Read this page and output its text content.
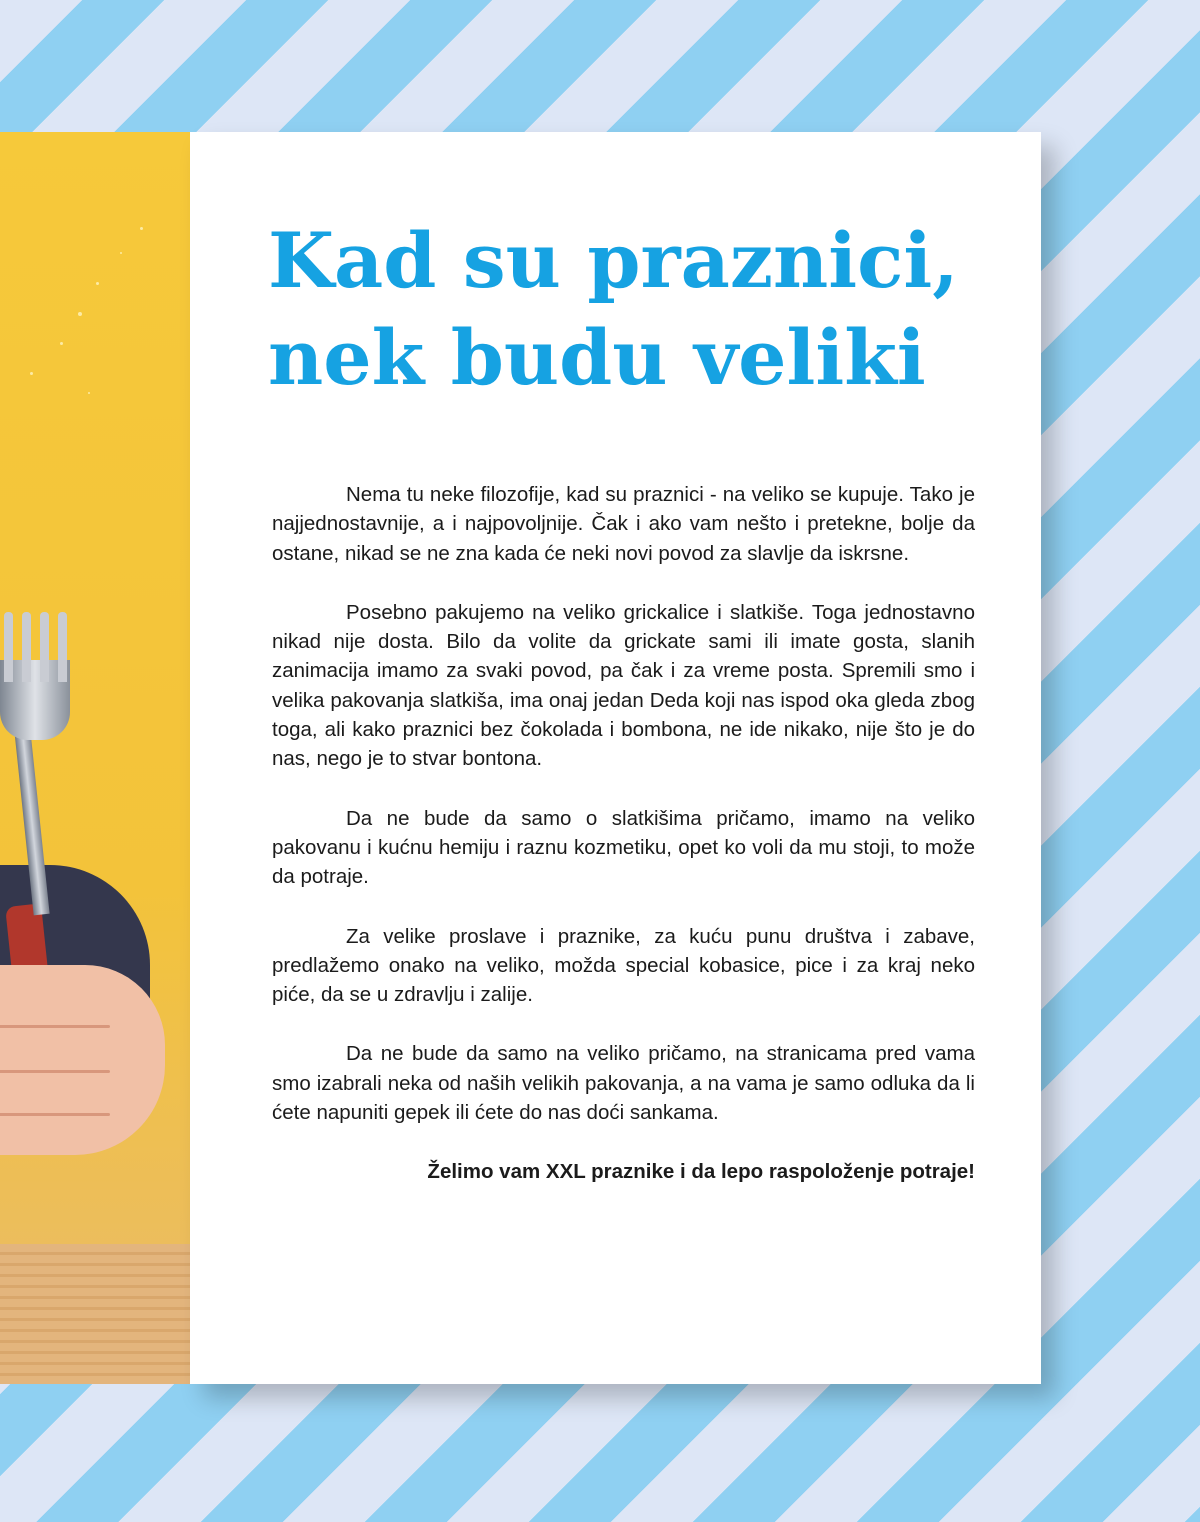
Kad su praznici,
nek budu veliki

Nema tu neke filozofije, kad su praznici - na veliko se kupuje. Tako je najjednostavnije, a i najpovoljnije. Čak i ako vam nešto i pretekne, bolje da ostane, nikad se ne zna kada će neki novi povod za slavlje da iskrsne.

Posebno pakujemo na veliko grickalice i slatkiše. Toga jednostavno nikad nije dosta. Bilo da volite da grickate sami ili imate gosta, slanih zanimacija imamo za svaki povod, pa čak i za vreme posta. Spremili smo i velika pakovanja slatkiša, ima onaj jedan Deda koji nas ispod oka gleda zbog toga, ali kako praznici bez čokolada i bombona, ne ide nikako, nije što je do nas, nego je to stvar bontona.

Da ne bude da samo o slatkišima pričamo, imamo na veliko pakovanu i kućnu hemiju i raznu kozmetiku, opet ko voli da mu stoji, to može da potraje.

Za velike proslave i praznike, za kuću punu društva i zabave, predlažemo onako na veliko, možda special kobasice, pice i za kraj neko piće, da se u zdravlju i zalije.

Da ne bude da samo na veliko pričamo, na stranicama pred vama smo izabrali neka od naših velikih pakovanja, a na vama je samo odluka da li ćete napuniti gepek ili ćete do nas doći sankama.

Želimo vam XXL praznike i da lepo raspoloženje potraje!
